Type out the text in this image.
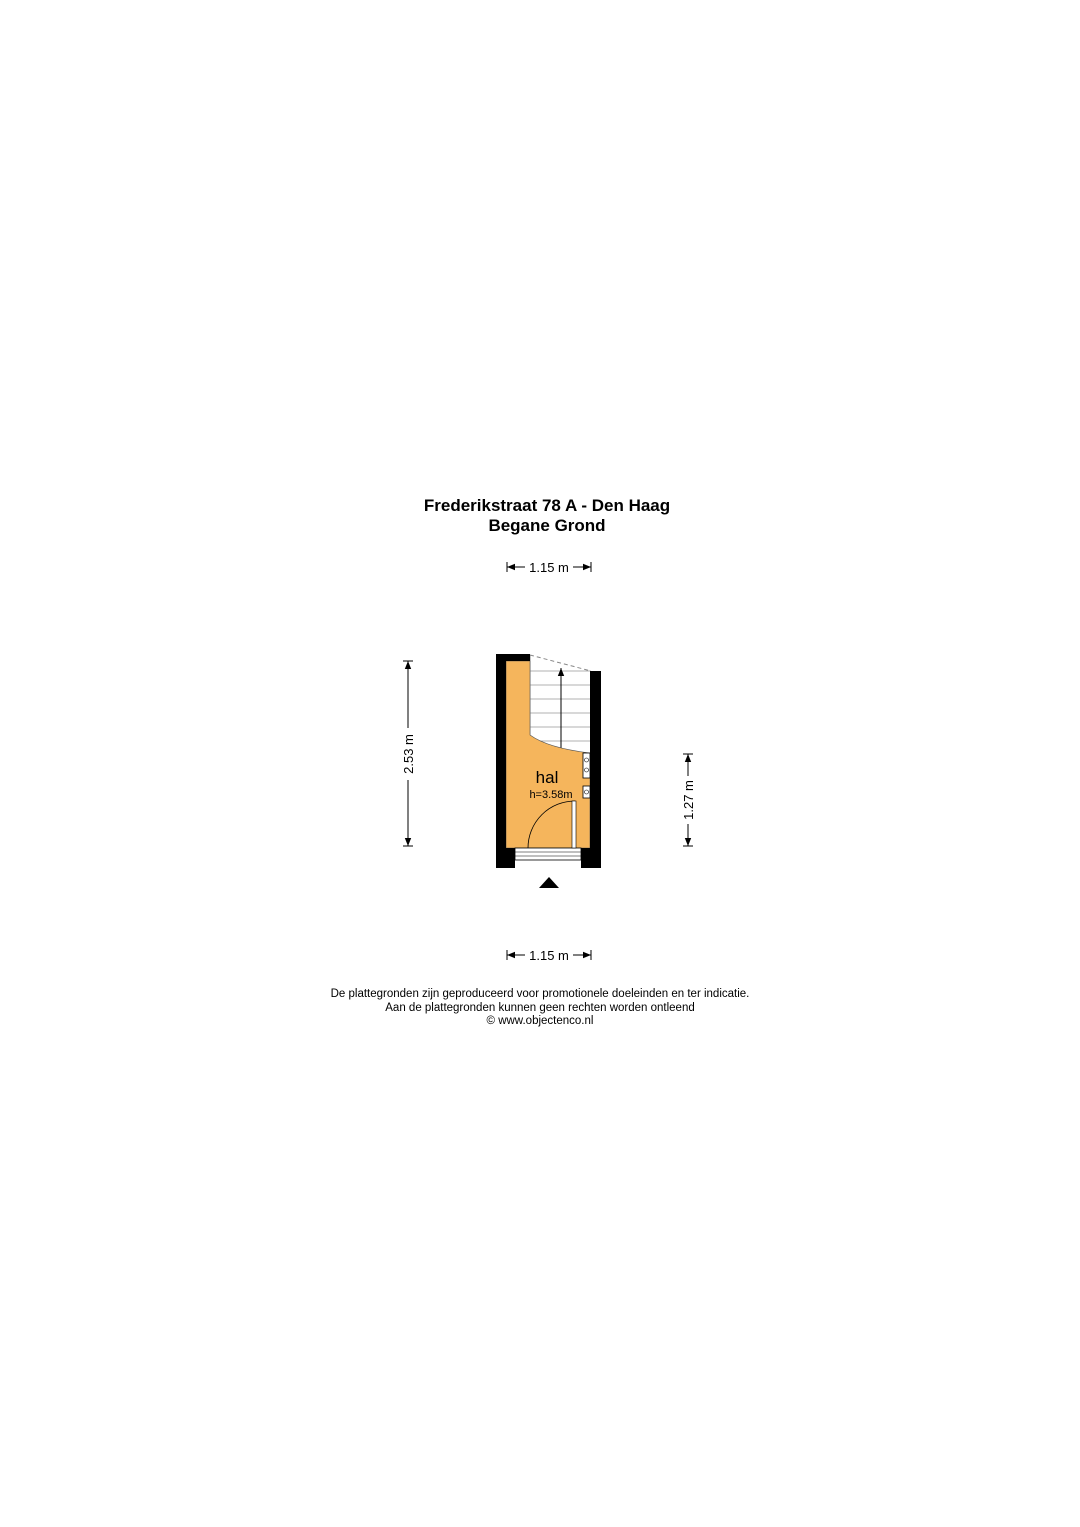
Frederikstraat 78 A - Den Haag
Begane Grond
1.15 m
2.53 m
1.27 m
hal
h=3.58m
1.15 m
De plattegronden zijn geproduceerd voor promotionele doeleinden en ter indicatie.
Aan de plattegronden kunnen geen rechten worden ontleend
© www.objectenco.nl
